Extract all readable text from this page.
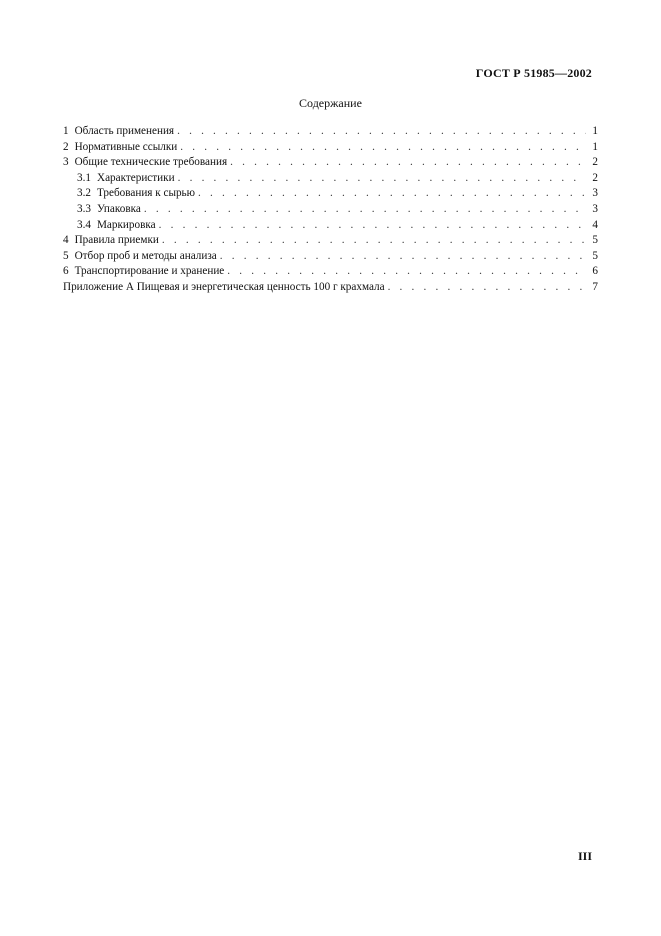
ГОСТ Р 51985—2002
Содержание
1 Область применения . . .	1
2 Нормативные ссылки . . .	1
3 Общие технические требования . . .	2
3.1 Характеристики . . .	2
3.2 Требования к сырью . . .	3
3.3 Упаковка . . .	3
3.4 Маркировка . . .	4
4 Правила приемки . . .	5
5 Отбор проб и методы анализа . . .	5
6 Транспортирование и хранение . . .	6
Приложение А Пищевая и энергетическая ценность 100 г крахмала . . .	7
III
